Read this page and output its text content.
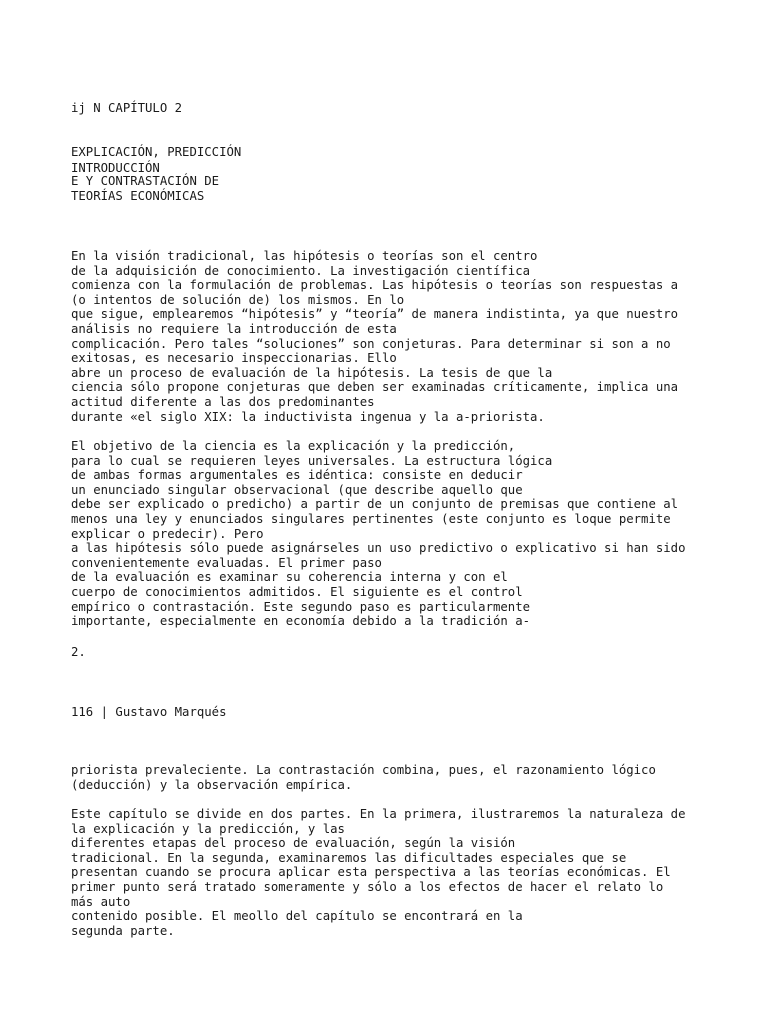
ij N CAPÍTULO 2

EXPLICACIÓN, PREDICCIÓN

E Y CONTRASTACIÓN DE
TEORÍAS ECONÓMICAS

INTRODUCCIÓN
En la visión tradicional, las hipótesis o teorías son el centro
de la adquisición de conocimiento. La investigación científica
comienza con la formulación de problemas. Las hipótesis o teorías son respuestas a
(o intentos de solución de) los mismos. En lo
que sigue, emplearemos “hipótesis” y “teoría” de manera indistinta, ya que nuestro
análisis no requiere la introducción de esta
complicación. Pero tales “soluciones” son conjeturas. Para determinar si son a no
exitosas, es necesario inspeccionarias. Ello
abre un proceso de evaluación de la hipótesis. La tesis de que la
ciencia sólo propone conjeturas que deben ser examinadas críticamente, implica una
actitud diferente a las dos predominantes
durante «el siglo XIX: la inductivista ingenua y la a-priorista.
El objetivo de la ciencia es la explicación y la predicción,
para lo cual se requieren leyes universales. La estructura lógica
de ambas formas argumentales es idéntica: consiste en deducir
un enunciado singular observacional (que describe aquello que
debe ser explicado o predicho) a partir de un conjunto de premisas que contiene al
menos una ley y enunciados singulares pertinentes (este conjunto es loque permite
explicar o predecir). Pero
a las hipótesis sólo puede asignárseles un uso predictivo o explicativo si han sido
convenientemente evaluadas. El primer paso
de la evaluación es examinar su coherencia interna y con el
cuerpo de conocimientos admitidos. El siguiente es el control
empírico o contrastación. Este segundo paso es particularmente
importante, especialmente en economía debido a la tradición a-
2.
116 | Gustavo Marqués
priorista prevaleciente. La contrastación combina, pues, el razonamiento lógico
(deducción) y la observación empírica.
Este capítulo se divide en dos partes. En la primera, ilustraremos la naturaleza de
la explicación y la predicción, y las
diferentes etapas del proceso de evaluación, según la visión
tradicional. En la segunda, examinaremos las dificultades especiales que se
presentan cuando se procura aplicar esta perspectiva a las teorías económicas. El
primer punto será tratado someramente y sólo a los efectos de hacer el relato lo
más auto
contenido posible. El meollo del capítulo se encontrará en la
segunda parte.
